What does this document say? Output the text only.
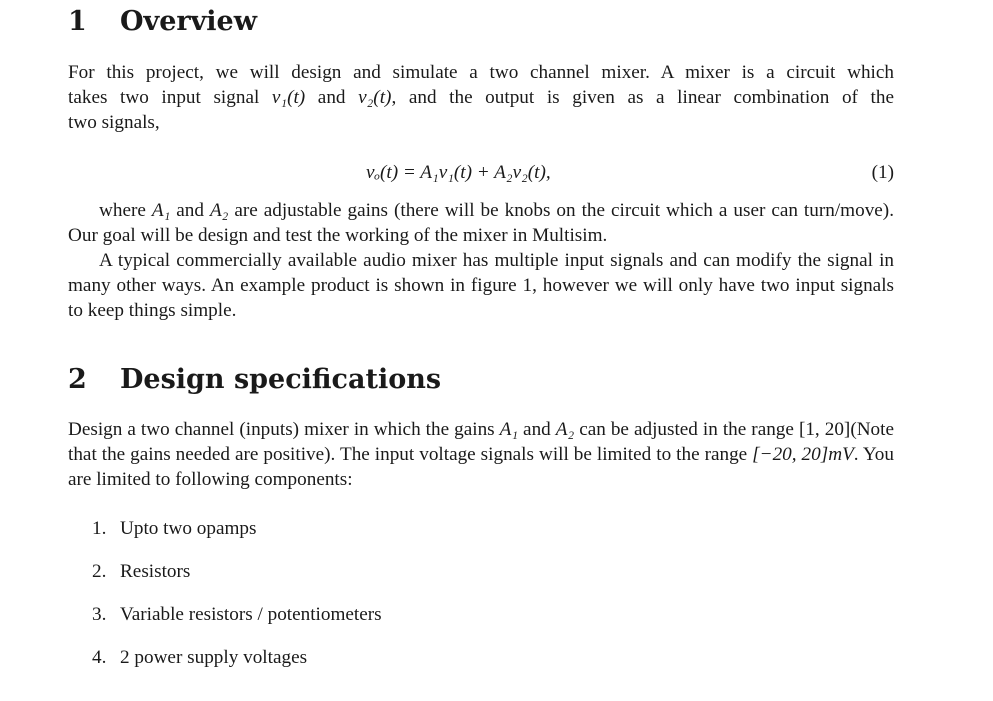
1 Overview
For this project, we will design and simulate a two channel mixer. A mixer is a circuit which
takes two input signal v₁(t) and v₂(t), and the output is given as a linear combination of the
two signals,
vₒ(t) = A₁v₁(t) + A₂v₂(t),	(1)
where A₁ and A₂ are adjustable gains (there will be knobs on the circuit which a user can turn/move). Our goal will be design and test the working of the mixer in Multisim.
A typical commercially available audio mixer has multiple input signals and can modify the signal in many other ways. An example product is shown in figure 1, however we will only have two input signals to keep things simple.
2 Design specifications
Design a two channel (inputs) mixer in which the gains A₁ and A₂ can be adjusted in the range [1, 20](Note that the gains needed are positive). The input voltage signals will be limited to the range [−20, 20]mV. You are limited to following components:
1. Upto two opamps
2. Resistors
3. Variable resistors / potentiometers
4. 2 power supply voltages
